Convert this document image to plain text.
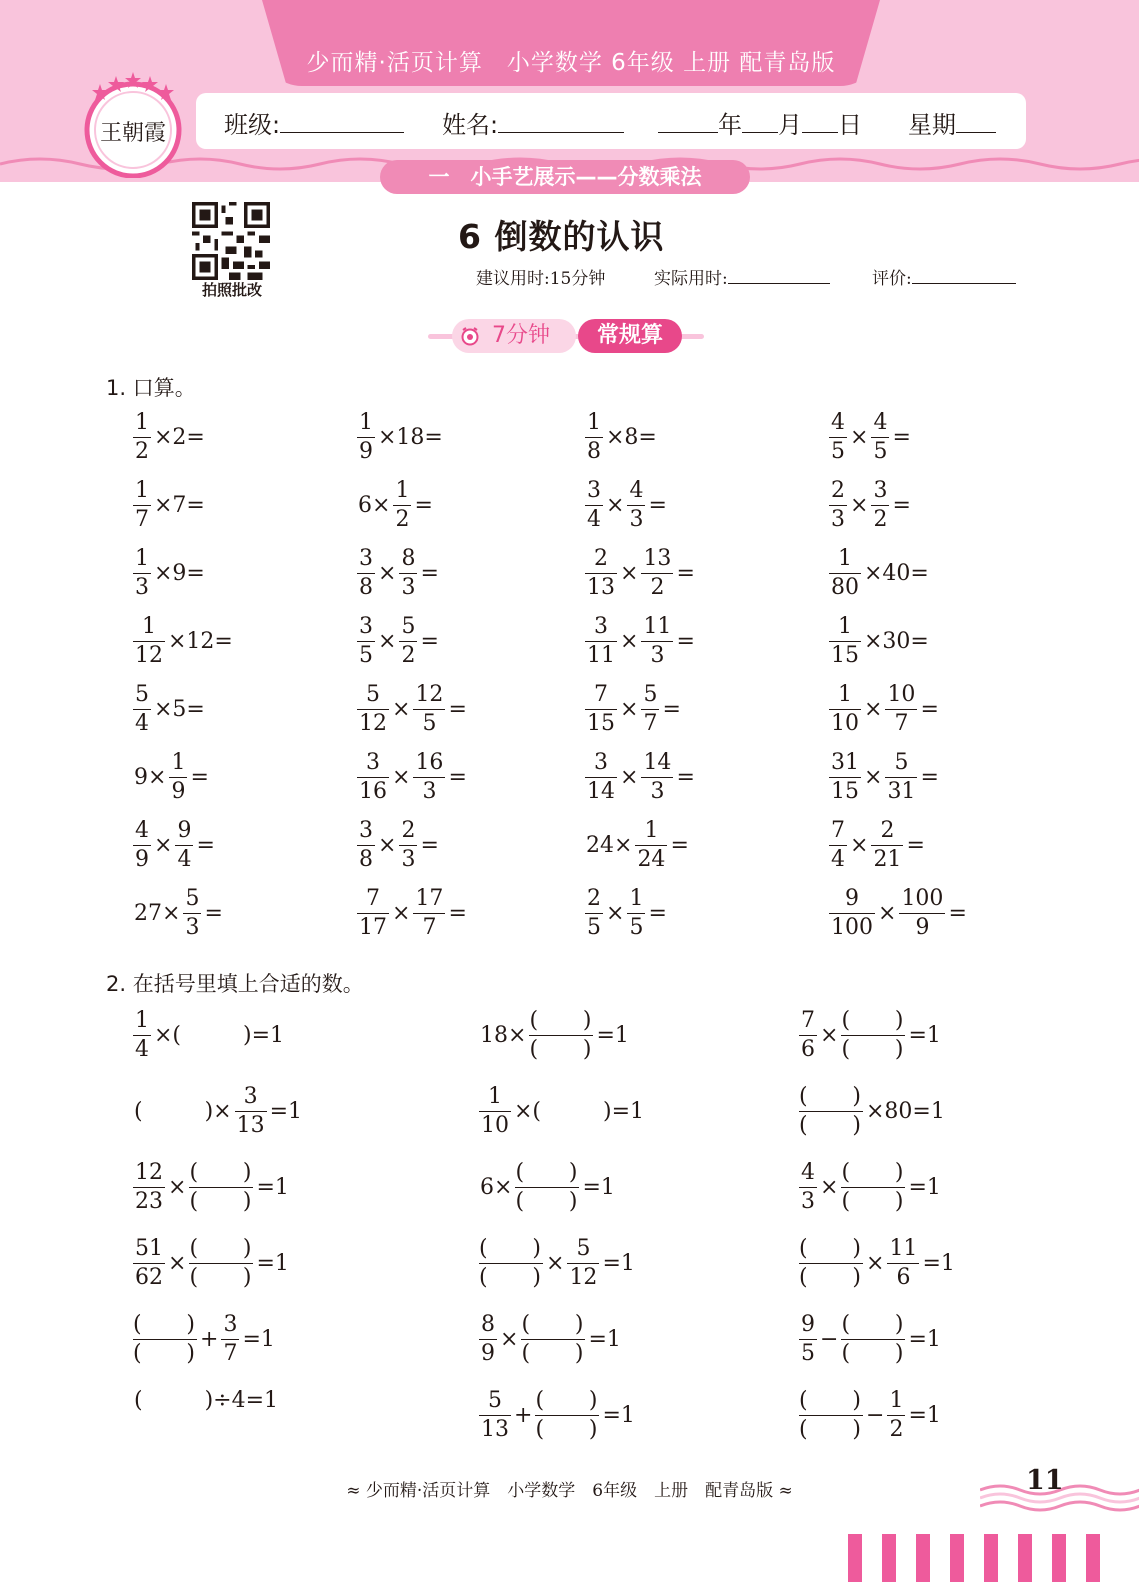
少而精·活页计算　小学数学 6年级 上册 配青岛版
班级:	姓名:	年 月 日 星期
王朝霞
一　小手艺展示——分数乘法
拍照批改
6 倒数的认识
建议用时:15分钟	实际用时:	评价:
7分钟	常规算
1. 口算。
$\frac{1}{2} \times 2=$	$\frac{1}{9} \times 18=$	$\frac{1}{8} \times 8=$	$\frac{4}{5} \times \frac{4}{5}$ =
$\frac{1}{7} \times 7=$	$6\times \frac{1}{2}$ =	$\frac{3}{4} \times \frac{4}{3}$ =	$\frac{2}{3} \times \frac{3}{2}$ =
$\frac{1}{3} \times 9=$	$\frac{3}{8} \times \frac{8}{3}$ =	$\frac{2}{13} \times \frac{13}{2}$ =	$\frac{1}{80} \times 40=$
$\frac{1}{12} \times 12=$	$\frac{3}{5} \times \frac{5}{2}$ =	$\frac{3}{11} \times \frac{11}{3}$ =	$\frac{1}{15} \times 30=$
$\frac{5}{4} \times 5=$	$\frac{5}{12} \times \frac{12}{5}$ =	$\frac{7}{15} \times \frac{5}{7}$ =	$\frac{1}{10} \times \frac{10}{7}$ =
$9\times \frac{1}{9}$ =	$\frac{3}{16} \times \frac{16}{3}$ =	$\frac{3}{14} \times \frac{14}{3}$ =	$\frac{31}{15} \times \frac{5}{31}$ =
$\frac{4}{9} \times \frac{9}{4}$ =	$\frac{3}{8} \times \frac{2}{3}$ =	$24\times \frac{1}{24}$ =	$\frac{7}{4} \times \frac{2}{21}$ =
$27\times \frac{5}{3}$ =	$\frac{7}{17} \times \frac{17}{7}$ =	$\frac{2}{5} \times \frac{1}{5}$ =	$\frac{9}{100} \times \frac{100}{9}$ =
2. 在括号里填上合适的数。
$\frac{1}{4}$ ×(	)=1	$18\times \frac{( )}{( )} =1$	$\frac{7}{6} \times \frac{( )}{( )} =1$
(	)× $\frac{3}{13} =1$	$\frac{1}{10}$ ×(	)=1	$\frac{( )}{( )} \times 80=1$
$\frac{12}{23} \times \frac{( )}{( )} =1$	$6\times \frac{( )}{( )} =1$	$\frac{4}{3} \times \frac{( )}{( )} =1$
$\frac{51}{62} \times \frac{( )}{( )} =1$	$\frac{( )}{( )} \times \frac{5}{12} =1$	$\frac{( )}{( )} \times \frac{11}{6} =1$
$\frac{( )}{( )} + \frac{3}{7} =1$	$\frac{8}{9} \times \frac{( )}{( )} =1$	$\frac{9}{5} - \frac{( )}{( )} =1$
(	)÷4=1	$\frac{5}{13} + \frac{( )}{( )} =1$	$\frac{( )}{( )} - \frac{1}{2} =1$
≈ 少而精·活页计算　小学数学　6年级　上册　配青岛版 ≈	11
